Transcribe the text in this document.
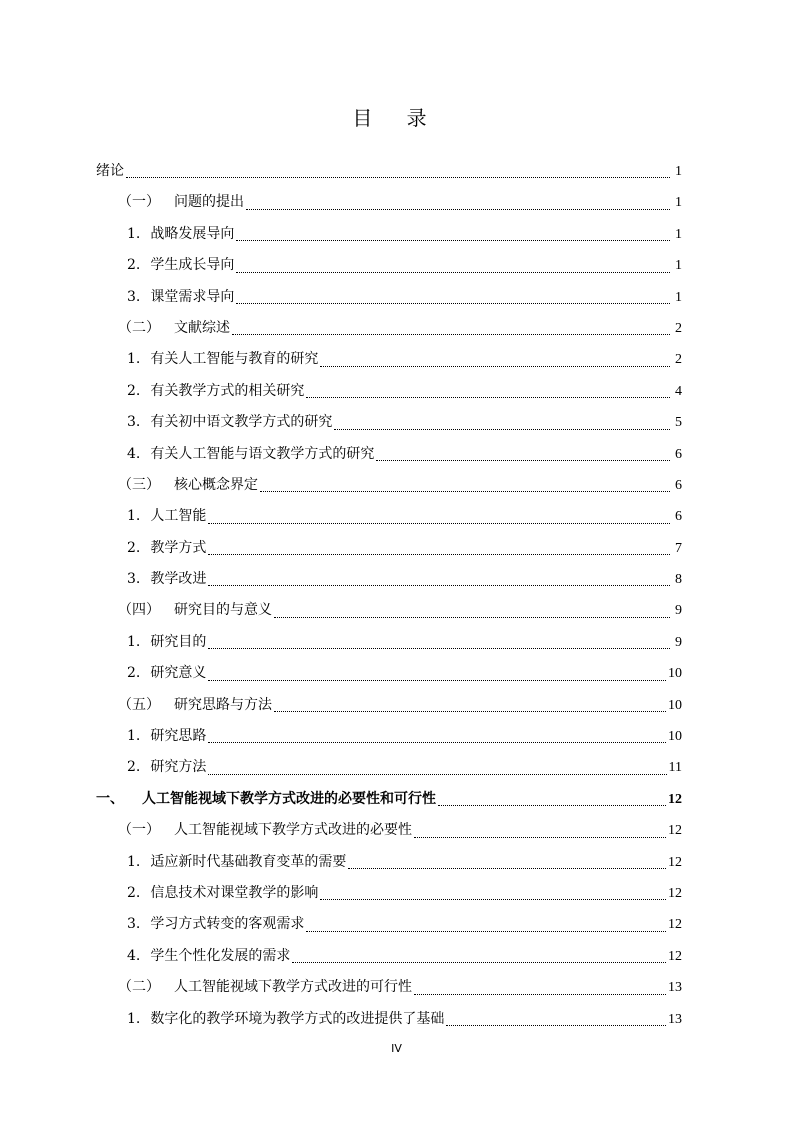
目 录
绪论	1
（一） 问题的提出	1
1. 战略发展导向	1
2. 学生成长导向	1
3. 课堂需求导向	1
（二） 文献综述	2
1. 有关人工智能与教育的研究	2
2. 有关教学方式的相关研究	4
3. 有关初中语文教学方式的研究	5
4. 有关人工智能与语文教学方式的研究	6
（三） 核心概念界定	6
1. 人工智能	6
2. 教学方式	7
3. 教学改进	8
（四） 研究目的与意义	9
1. 研究目的	9
2. 研究意义	10
（五） 研究思路与方法	10
1. 研究思路	10
2. 研究方法	11
一、 人工智能视域下教学方式改进的必要性和可行性	12
（一） 人工智能视域下教学方式改进的必要性	12
1. 适应新时代基础教育变革的需要	12
2. 信息技术对课堂教学的影响	12
3. 学习方式转变的客观需求	12
4. 学生个性化发展的需求	12
（二） 人工智能视域下教学方式改进的可行性	13
1. 数字化的教学环境为教学方式的改进提供了基础	13
IV
